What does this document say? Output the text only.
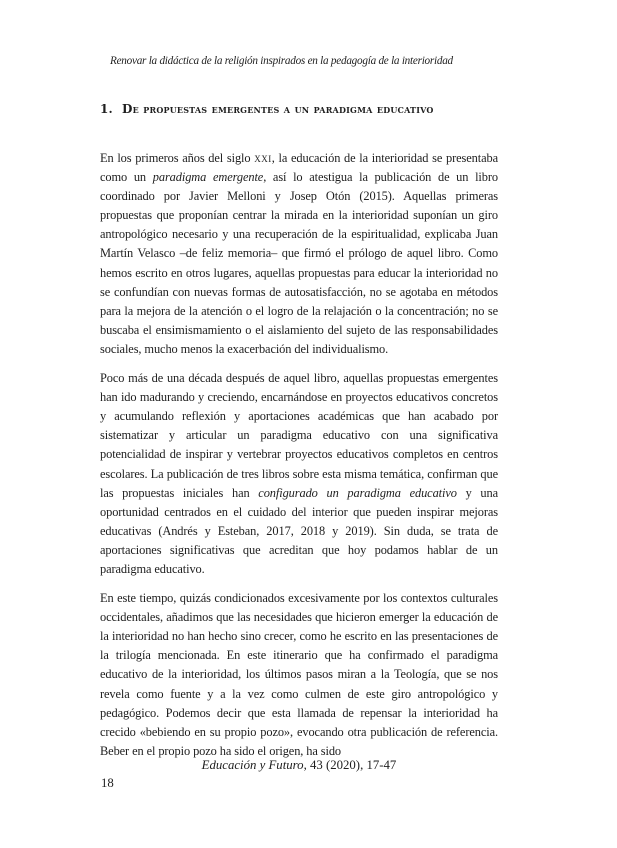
Renovar la didáctica de la religión inspirados en la pedagogía de la interioridad
1. de propuestas emergentes a un paradigma educativo

En los primeros años del siglo xxi, la educación de la interioridad se presentaba como un paradigma emergente, así lo atestigua la publicación de un libro coordinado por Javier Melloni y Josep Otón (2015). Aquellas primeras propuestas que proponían centrar la mirada en la interioridad suponían un giro antropológico necesario y una recuperación de la espiritualidad, explicaba Juan Martín Velasco –de feliz memoria– que firmó el prólogo de aquel libro. Como hemos escrito en otros lugares, aquellas propuestas para educar la interioridad no se confundían con nuevas formas de autosatisfacción, no se agotaba en métodos para la mejora de la atención o el logro de la relajación o la concentración; no se buscaba el ensimismamiento o el aislamiento del sujeto de las responsabilidades sociales, mucho menos la exacerbación del individualismo.

Poco más de una década después de aquel libro, aquellas propuestas emergentes han ido madurando y creciendo, encarnándose en proyectos educativos concretos y acumulando reflexión y aportaciones académicas que han acabado por sistematizar y articular un paradigma educativo con una significativa potencialidad de inspirar y vertebrar proyectos educativos completos en centros escolares. La publicación de tres libros sobre esta misma temática, confirman que las propuestas iniciales han configurado un paradigma educativo y una oportunidad centrados en el cuidado del interior que pueden inspirar mejoras educativas (Andrés y Esteban, 2017, 2018 y 2019). Sin duda, se trata de aportaciones significativas que acreditan que hoy podamos hablar de un paradigma educativo.

En este tiempo, quizás condicionados excesivamente por los contextos culturales occidentales, añadimos que las necesidades que hicieron emerger la educación de la interioridad no han hecho sino crecer, como he escrito en las presentaciones de la trilogía mencionada. En este itinerario que ha confirmado el paradigma educativo de la interioridad, los últimos pasos miran a la Teología, que se nos revela como fuente y a la vez como culmen de este giro antropológico y pedagógico. Podemos decir que esta llamada de repensar la interioridad ha crecido «bebiendo en su propio pozo», evocando otra publicación de referencia. Beber en el propio pozo ha sido el origen, ha sido

Educación y Futuro, 43 (2020), 17-47
18
